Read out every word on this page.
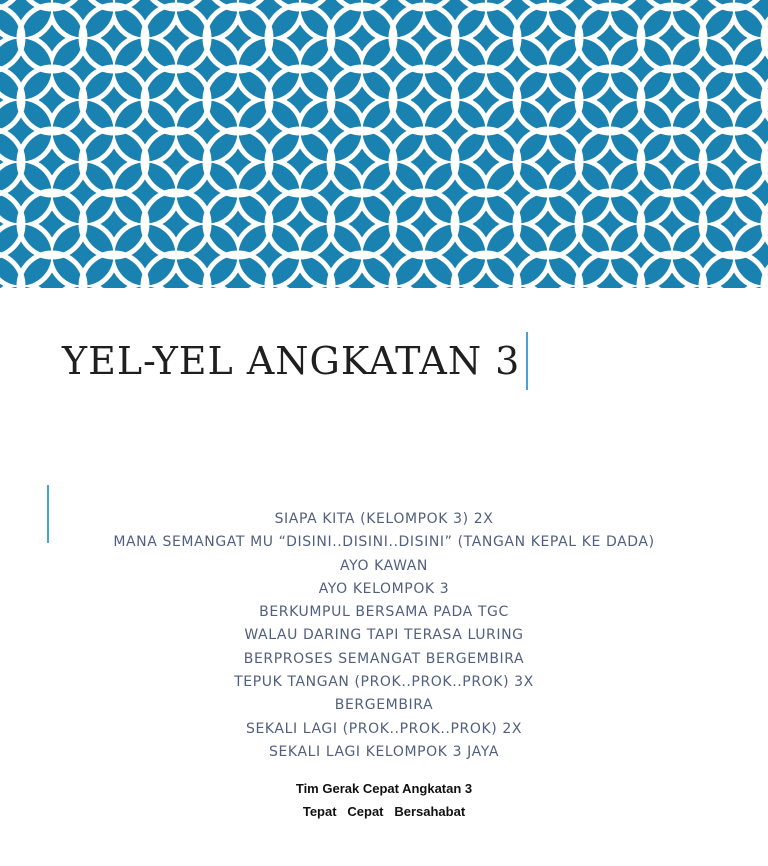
YEL-YEL ANGKATAN 3
SIAPA KITA (KELOMPOK 3) 2X
MANA SEMANGAT MU “DISINI..DISINI..DISINI” (TANGAN KEPAL KE DADA)
AYO KAWAN
AYO KELOMPOK 3
BERKUMPUL BERSAMA PADA TGC
WALAU DARING TAPI TERASA LURING
BERPROSES SEMANGAT BERGEMBIRA
TEPUK TANGAN (PROK..PROK..PROK) 3X
BERGEMBIRA
SEKALI LAGI (PROK..PROK..PROK) 2X
SEKALI LAGI KELOMPOK 3 JAYA
Tim Gerak Cepat Angkatan 3
Tepat   Cepat   Bersahabat
